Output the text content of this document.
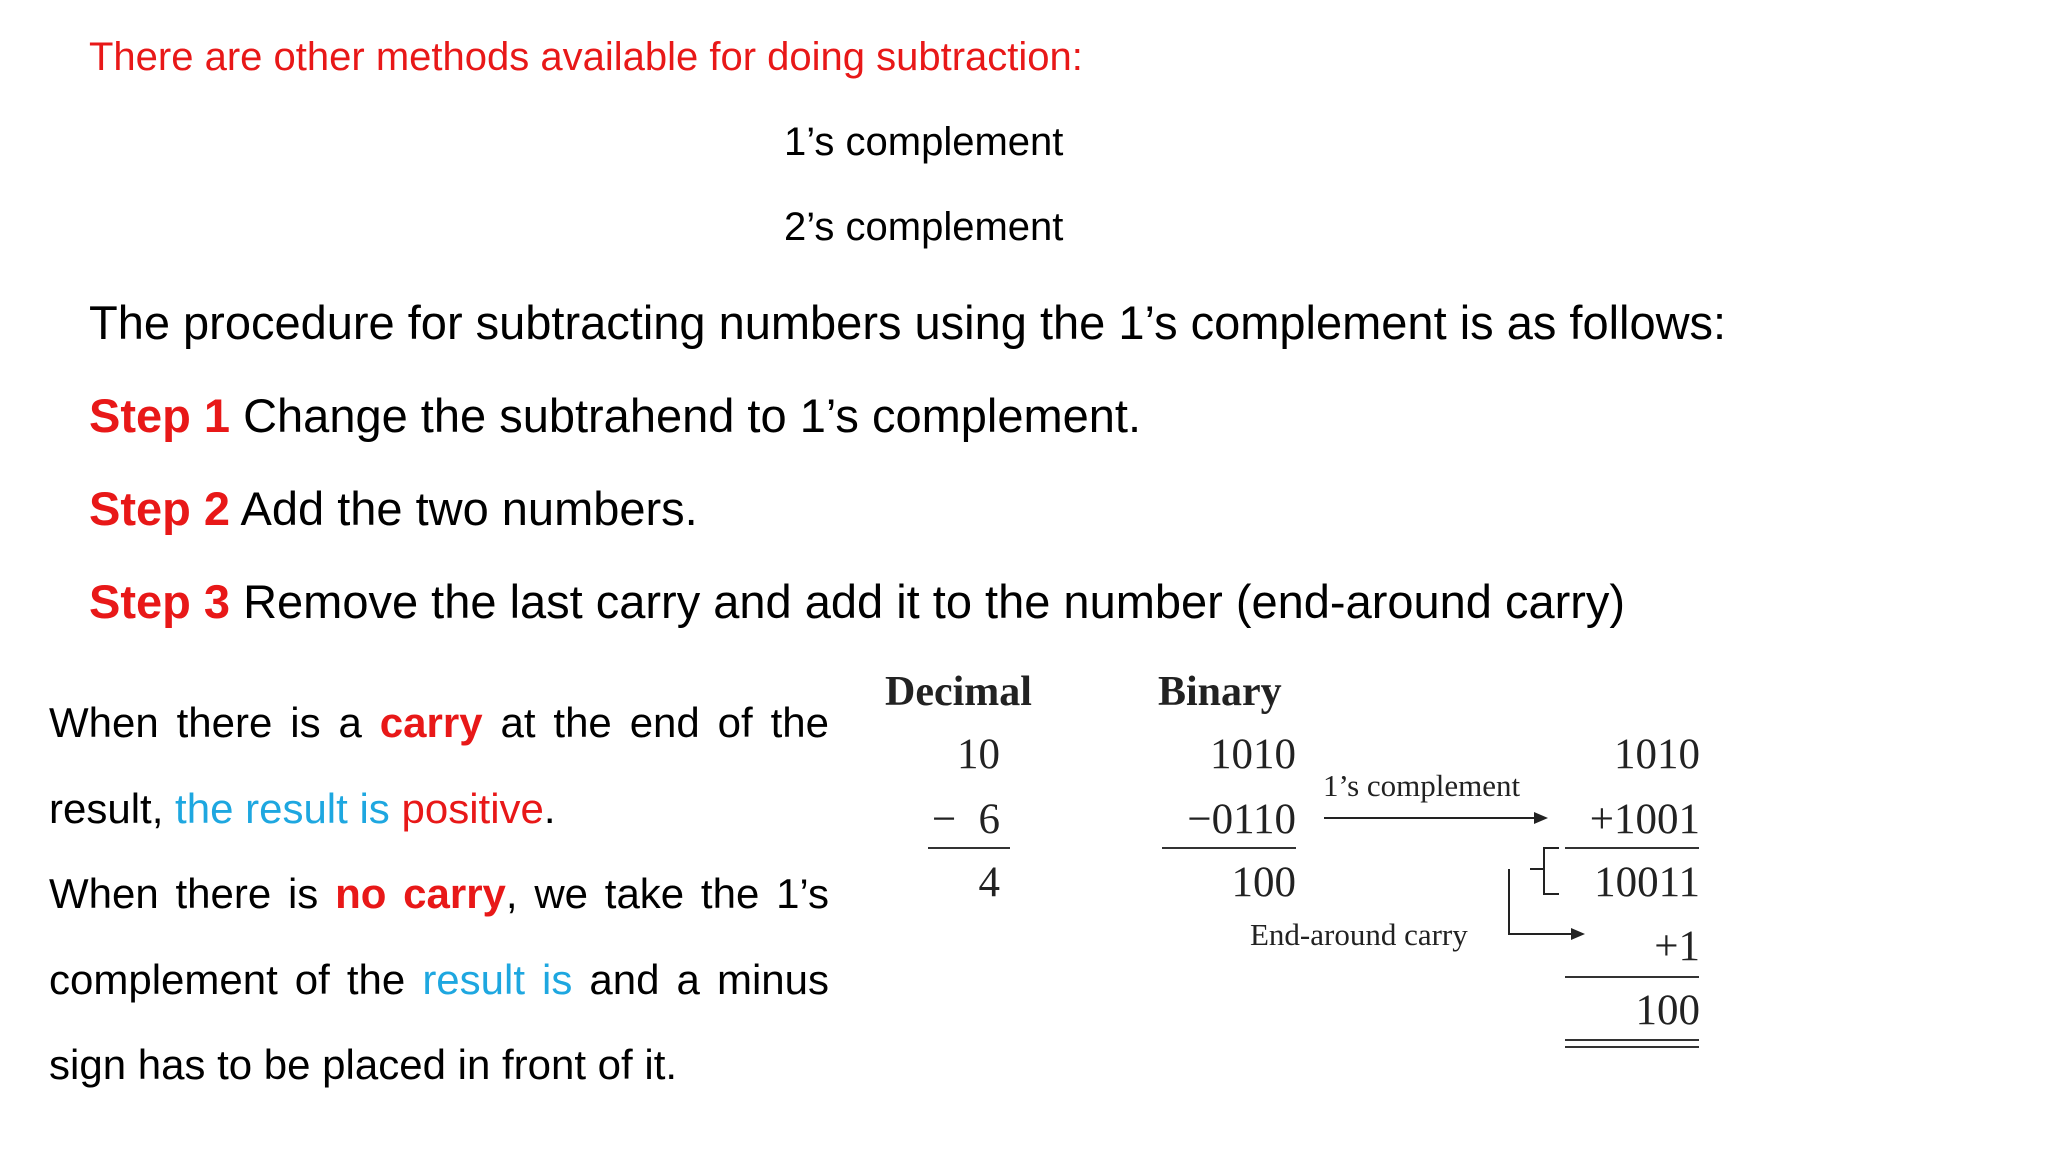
There are other methods available for doing subtraction:
1’s complement
2’s complement
The procedure for subtracting numbers using the 1’s complement is as follows:
Step 1 Change the subtrahend to 1’s complement.
Step 2 Add the two numbers.
Step 3 Remove the last carry and add it to the number (end-around carry)
When there is a carry at the end of the result, the result is positive.
When there is no carry, we take the 1’s complement of the result is and a minus sign has to be placed in front of it.
Decimal	Binary
10
− 6
4
1010
−0110
100
1’s complement
1010
+1001
10011
End-around carry	+1
100
